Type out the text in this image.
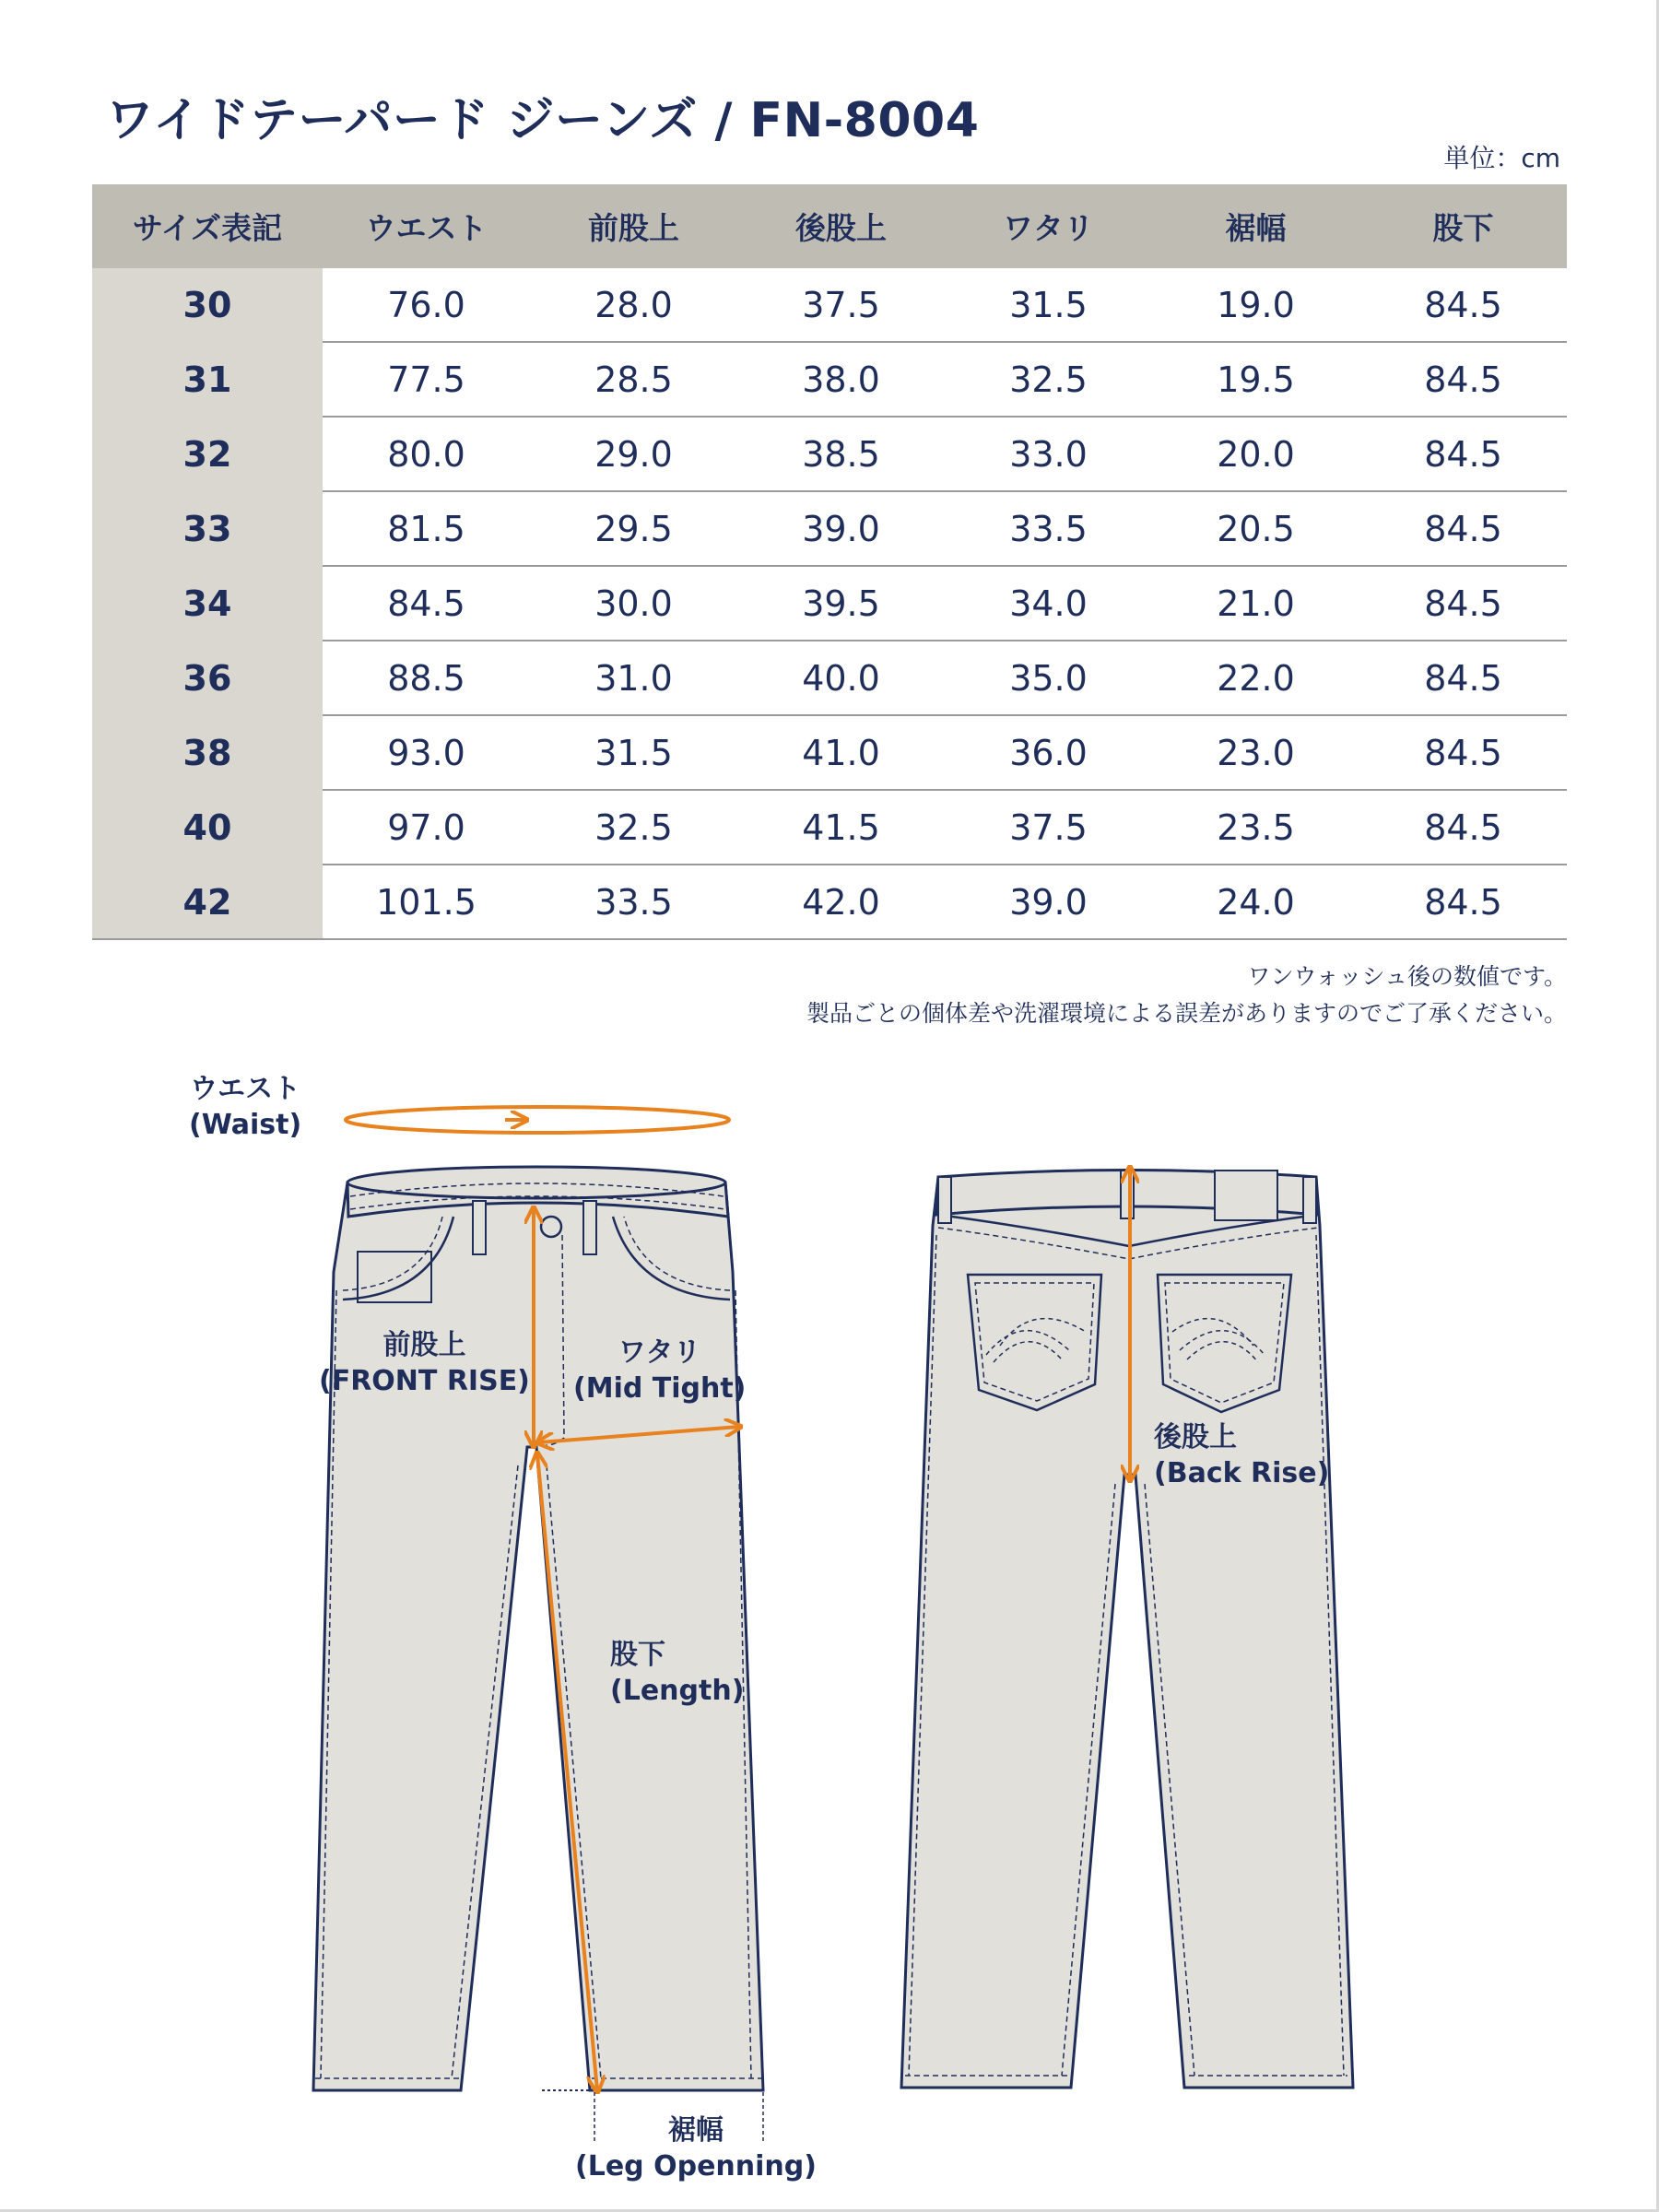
ワイドテーパード ジーンズ / FN-8004
単位：cm
サイズ表記	ウエスト	前股上	後股上	ワタリ	裾幅	股下
30	76.0	28.0	37.5	31.5	19.0	84.5
31	77.5	28.5	38.0	32.5	19.5	84.5
32	80.0	29.0	38.5	33.0	20.0	84.5
33	81.5	29.5	39.0	33.5	20.5	84.5
34	84.5	30.0	39.5	34.0	21.0	84.5
36	88.5	31.0	40.0	35.0	22.0	84.5
38	93.0	31.5	41.0	36.0	23.0	84.5
40	97.0	32.5	41.5	37.5	23.5	84.5
42	101.5	33.5	42.0	39.0	24.0	84.5
ワンウォッシュ後の数値です。
製品ごとの個体差や洗濯環境による誤差がありますのでご了承ください。
ウエスト
(Waist)
前股上
(FRONT RISE)
ワタリ
(Mid Tight)
股下
(Length)
裾幅
(Leg Openning)
後股上
(Back Rise)
